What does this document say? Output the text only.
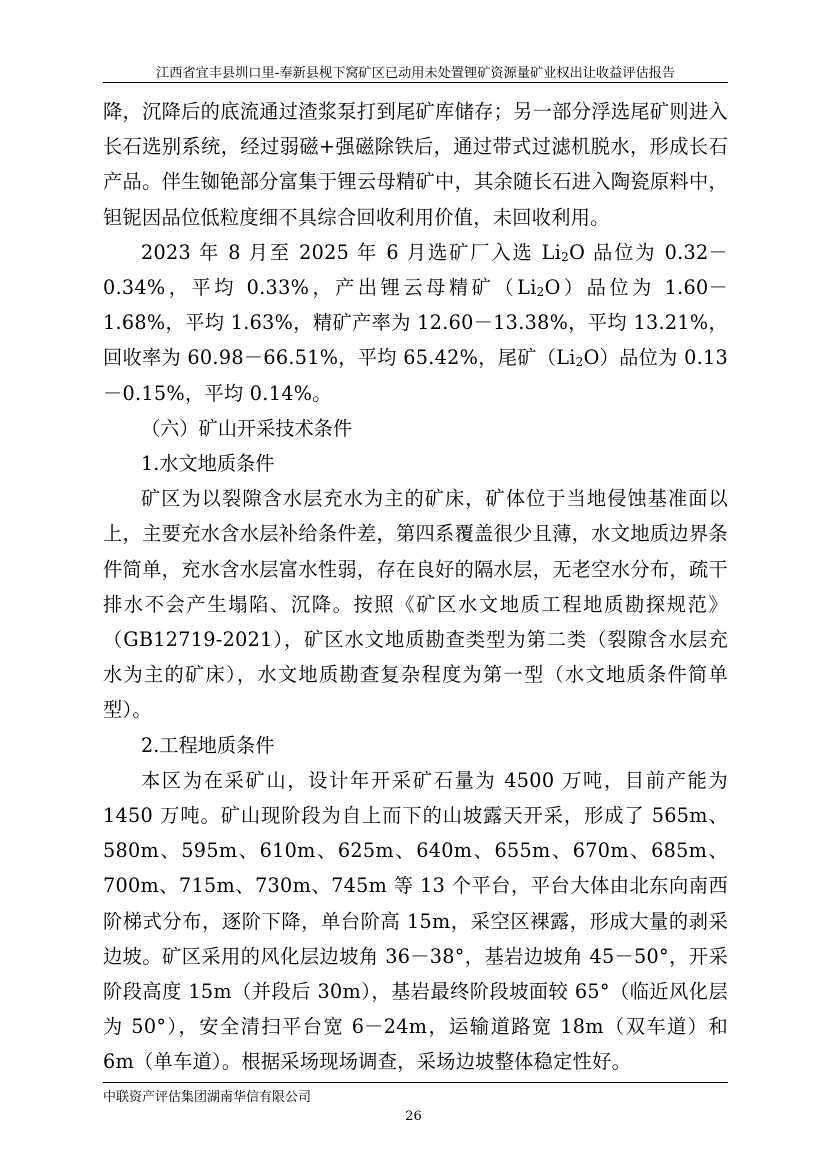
江西省宜丰县圳口里-奉新县枧下窝矿区已动用未处置锂矿资源量矿业权出让收益评估报告

降，沉降后的底流通过渣浆泵打到尾矿库储存；另一部分浮选尾矿则进入长石选别系统，经过弱磁+强磁除铁后，通过带式过滤机脱水，形成长石产品。伴生铷铯部分富集于锂云母精矿中，其余随长石进入陶瓷原料中，钽铌因品位低粒度细不具综合回收利用价值，未回收利用。

2023 年 8 月至 2025 年 6 月选矿厂入选 $Li_2O$ 品位为 0.32－0.34%，平均 0.33%，产出锂云母精矿$(Li_2O)$品位为 1.60－1.68%，平均 1.63%，精矿产率为 12.60－13.38%，平均 13.21%，回收率为 60.98－66.51%，平均 65.42%，尾矿$(Li_2O)$品位为 0.13－0.15%，平均 0.14%。

（六）矿山开采技术条件

1.水文地质条件

矿区为以裂隙含水层充水为主的矿床，矿体位于当地侵蚀基准面以上，主要充水含水层补给条件差，第四系覆盖很少且薄，水文地质边界条件简单，充水含水层富水性弱，存在良好的隔水层，无老空水分布，疏干排水不会产生塌陷、沉降。按照《矿区水文地质工程地质勘探规范》（GB12719-2021），矿区水文地质勘查类型为第二类（裂隙含水层充水为主的矿床），水文地质勘查复杂程度为第一型（水文地质条件简单型）。

2.工程地质条件

本区为在采矿山，设计年开采矿石量为 4500 万吨，目前产能为 1450 万吨。矿山现阶段为自上而下的山坡露天开采，形成了 565m、580m、595m、610m、625m、640m、655m、670m、685m、700m、715m、730m、745m 等 13 个平台，平台大体由北东向南西阶梯式分布，逐阶下降，单台阶高 15m，采空区裸露，形成大量的剥采边坡。矿区采用的风化层边坡角 36－38°，基岩边坡角 45－50°，开采阶段高度 15m（并段后 30m），基岩最终阶段坡面较 65°（临近风化层为 50°），安全清扫平台宽 6－24m，运输道路宽 18m（双车道）和 6m（单车道）。根据采场现场调查，采场边坡整体稳定性好。

中联资产评估集团湖南华信有限公司
26
